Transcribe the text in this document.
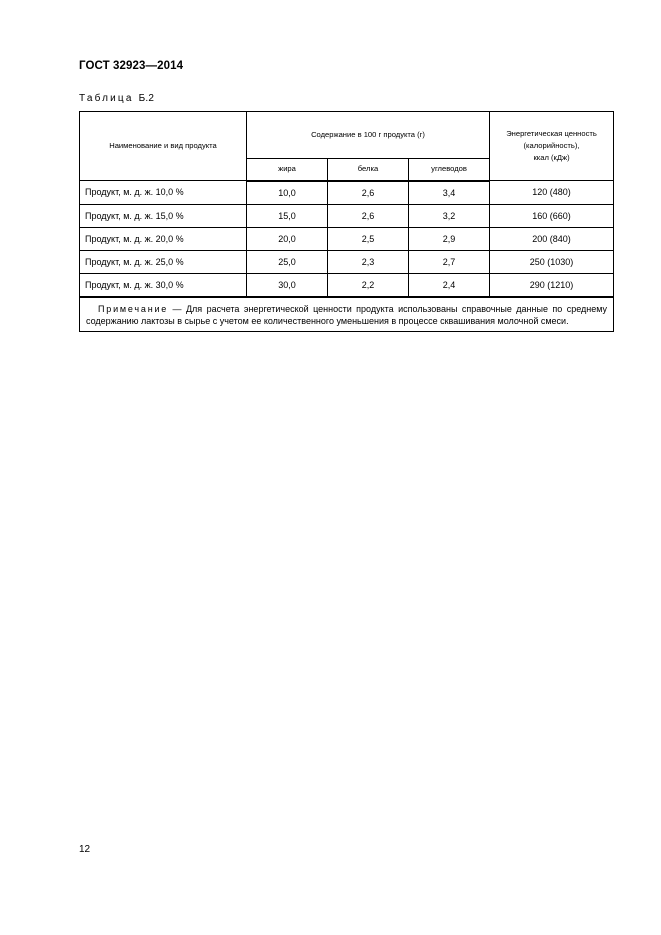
ГОСТ 32923—2014
Таблица Б.2
Наименование и вид продукта	Содержание в 100 г продукта (г)			Энергетическая ценность
(калорийность),
ккал (кДж)

	жира	белка	углеводов	
Продукт, м. д. ж. 10,0 %	10,0	2,6	3,4	120 (480)
Продукт, м. д. ж. 15,0 %	15,0	2,6	3,2	160 (660)
Продукт, м. д. ж. 20,0 %	20,0	2,5	2,9	200 (840)
Продукт, м. д. ж. 25,0 %	25,0	2,3	2,7	250 (1030)
Продукт, м. д. ж. 30,0 %	30,0	2,2	2,4	290 (1210)
Примечание — Для расчета энергетической ценности продукта использованы справочные данные по среднему содержанию лактозы в сырье с учетом ее количественного уменьшения в процессе сквашивания молочной смеси.				
12
